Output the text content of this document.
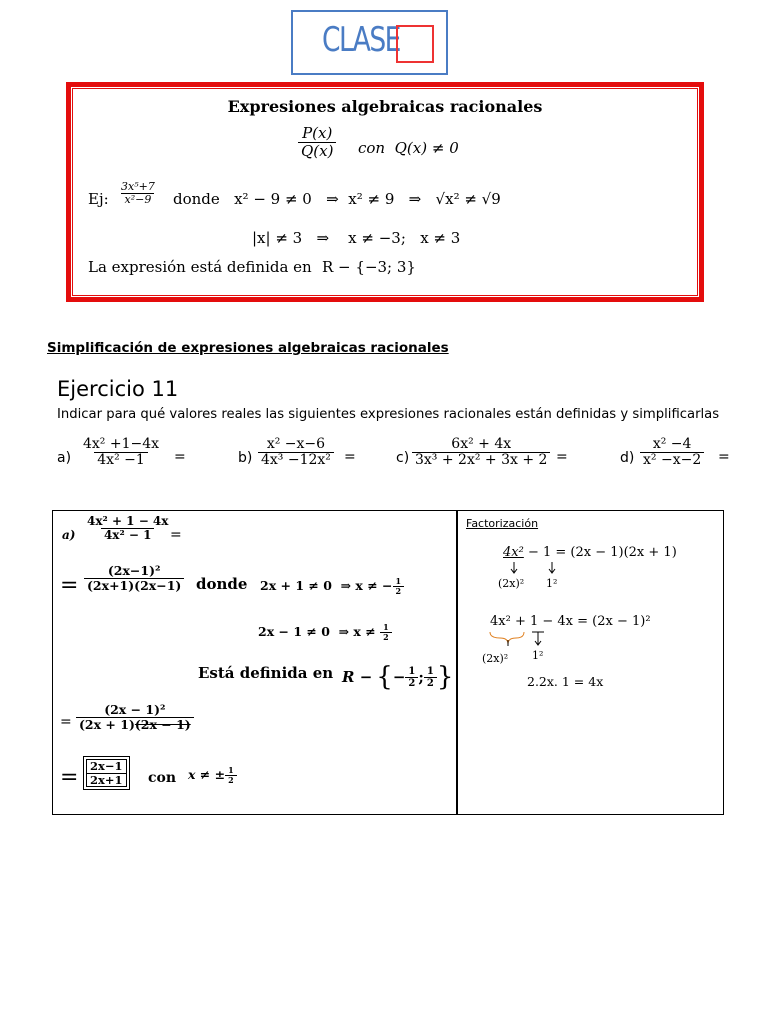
CLASE
Expresiones algebraicas racionales
$\frac{P(x)}{Q(x)}$ con  Q(x) ≠ 0
Ej: $\frac{\text{3x⁵+7}}{\text{x²−9}}$ donde   x² − 9 ≠ 0   ⇒  x² ≠ 9   ⇒   √x² ≠ √9
|x| ≠ 3   ⇒    x ≠ −3;   x ≠ 3
La expresión está definida en R − {−3; 3}
Simplificación de expresiones algebraicas racionales
Ejercicio 11
Indicar para qué valores reales las siguientes expresiones racionales están definidas y simplificarlas
$a) \frac{\text{4x² +1−4x}}{\text{4x² −1}}$ =	$b) \frac{\text{x² −x−6}}{\text{4x³ −12x²}}$ =	$c) \frac{\text{6x² + 4x}}{\text{3x³ + 2x² + 3x + 2}}$ =	$d) \frac{\text{x² −4}}{\text{x² −x−2}}$ =
$a) \frac{\text{4x² + 1 − 4x}}{\text{4x² − 1}}$
=
= $\frac{\text{(2x−1)²}}{(2x+1)(2x-1)}$ donde 2x + 1 ≠ 0  ⇒ x ≠ − $\frac{1}{2}$
2x − 1 ≠ 0  ⇒ $x \ne \frac{1}{2}$
Está definida en R − { − $\frac{1}{2}$ ; $\frac{1}{2}$ }
= $\frac{\text{(2x − 1)²}}{(2x + 1)(2x - 1)}$
= $\frac{2x-1}{2x+1}$ con x ≠ ± $\frac{1}{2}$
Factorización
4x² − 1 = (2x − 1)(2x + 1)
(2x)² 1²
4x² + 1 − 4x = (2x − 1)²
(2x)² 1²
2.2x. 1 = 4x
